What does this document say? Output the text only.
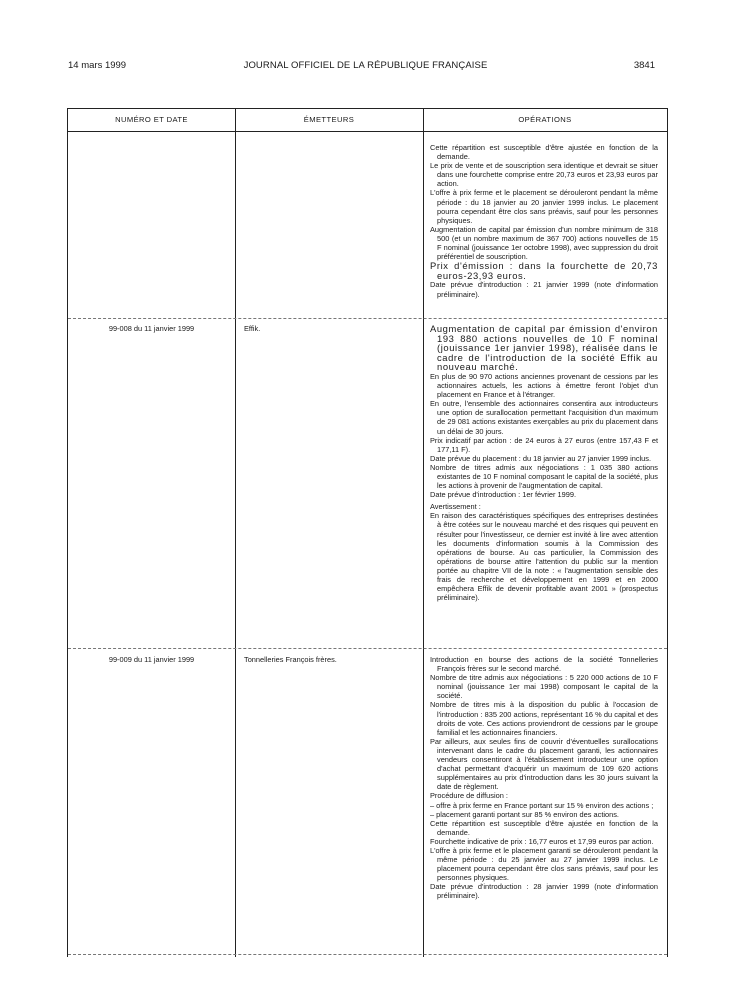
14 mars 1999	JOURNAL OFFICIEL DE LA RÉPUBLIQUE FRANÇAISE	3841
NUMÉRO ET DATE	ÉMETTEURS	OPÉRATIONS

Cette répartition est susceptible d'être ajustée en fonction de la demande.

Le prix de vente et de souscription sera identique et devrait se situer dans une fourchette comprise entre 20,73 euros et 23,93 euros par action.

L'offre à prix ferme et le placement se dérouleront pendant la même période : du 18 janvier au 20 janvier 1999 inclus. Le placement pourra cependant être clos sans préavis, sauf pour les personnes physiques.

Augmentation de capital par émission d'un nombre minimum de 318 500 (et un nombre maximum de 367 700) actions nouvelles de 15 F nominal (jouissance 1er octobre 1998), avec suppression du droit préférentiel de souscription.

Prix d'émission : dans la fourchette de 20,73 euros-23,93 euros.

Date prévue d'introduction : 21 janvier 1999 (note d'information préliminaire).

99-008 du 11 janvier 1999	Effik.	Augmentation de capital par émission d'environ 193 880 actions nouvelles de 10 F nominal (jouissance 1er janvier 1998), réalisée dans le cadre de l'introduction de la société Effik au nouveau marché.

En plus de 90 970 actions anciennes provenant de cessions par les actionnaires actuels, les actions à émettre feront l'objet d'un placement en France et à l'étranger.

En outre, l'ensemble des actionnaires consentira aux introducteurs une option de surallocation permettant l'acquisition d'un maximum de 29 081 actions existantes exerçables au prix du placement dans un délai de 30 jours.

Prix indicatif par action : de 24 euros à 27 euros (entre 157,43 F et 177,11 F).

Date prévue du placement : du 18 janvier au 27 janvier 1999 inclus.

Nombre de titres admis aux négociations : 1 035 380 actions existantes de 10 F nominal composant le capital de la société, plus les actions à provenir de l'augmentation de capital.

Date prévue d'introduction : 1er février 1999.

Avertissement :

En raison des caractéristiques spécifiques des entreprises destinées à être cotées sur le nouveau marché et des risques qui peuvent en résulter pour l'investisseur, ce dernier est invité à lire avec attention les documents d'information soumis à la Commission des opérations de bourse. Au cas particulier, la Commission des opérations de bourse attire l'attention du public sur la mention portée au chapitre VII de la note : « l'augmentation sensible des frais de recherche et développement en 1999 et en 2000 empêchera Effik de devenir profitable avant 2001 » (prospectus préliminaire).

99-009 du 11 janvier 1999	Tonnelleries François frères.	Introduction en bourse des actions de la société Tonnelleries François frères sur le second marché.

Nombre de titre admis aux négociations : 5 220 000 actions de 10 F nominal (jouissance 1er mai 1998) composant le capital de la société.

Nombre de titres mis à la disposition du public à l'occasion de l'introduction : 835 200 actions, représentant 16 % du capital et des droits de vote. Ces actions proviendront de cessions par le groupe familial et les actionnaires financiers.

Par ailleurs, aux seules fins de couvrir d'éventuelles surallocations intervenant dans le cadre du placement garanti, les actionnaires vendeurs consentiront à l'établissement introducteur une option d'achat permettant d'acquérir un maximum de 109 620 actions supplémentaires au prix d'introduction dans les 30 jours suivant la date de règlement.

Procédure de diffusion :

– offre à prix ferme en France portant sur 15 % environ des actions ;

– placement garanti portant sur 85 % environ des actions.

Cette répartition est susceptible d'être ajustée en fonction de la demande.

Fourchette indicative de prix : 16,77 euros et 17,99 euros par action.

L'offre à prix ferme et le placement garanti se dérouleront pendant la même période : du 25 janvier au 27 janvier 1999 inclus. Le placement pourra cependant être clos sans préavis, sauf pour les personnes physiques.

Date prévue d'introduction : 28 janvier 1999 (note d'information préliminaire).
